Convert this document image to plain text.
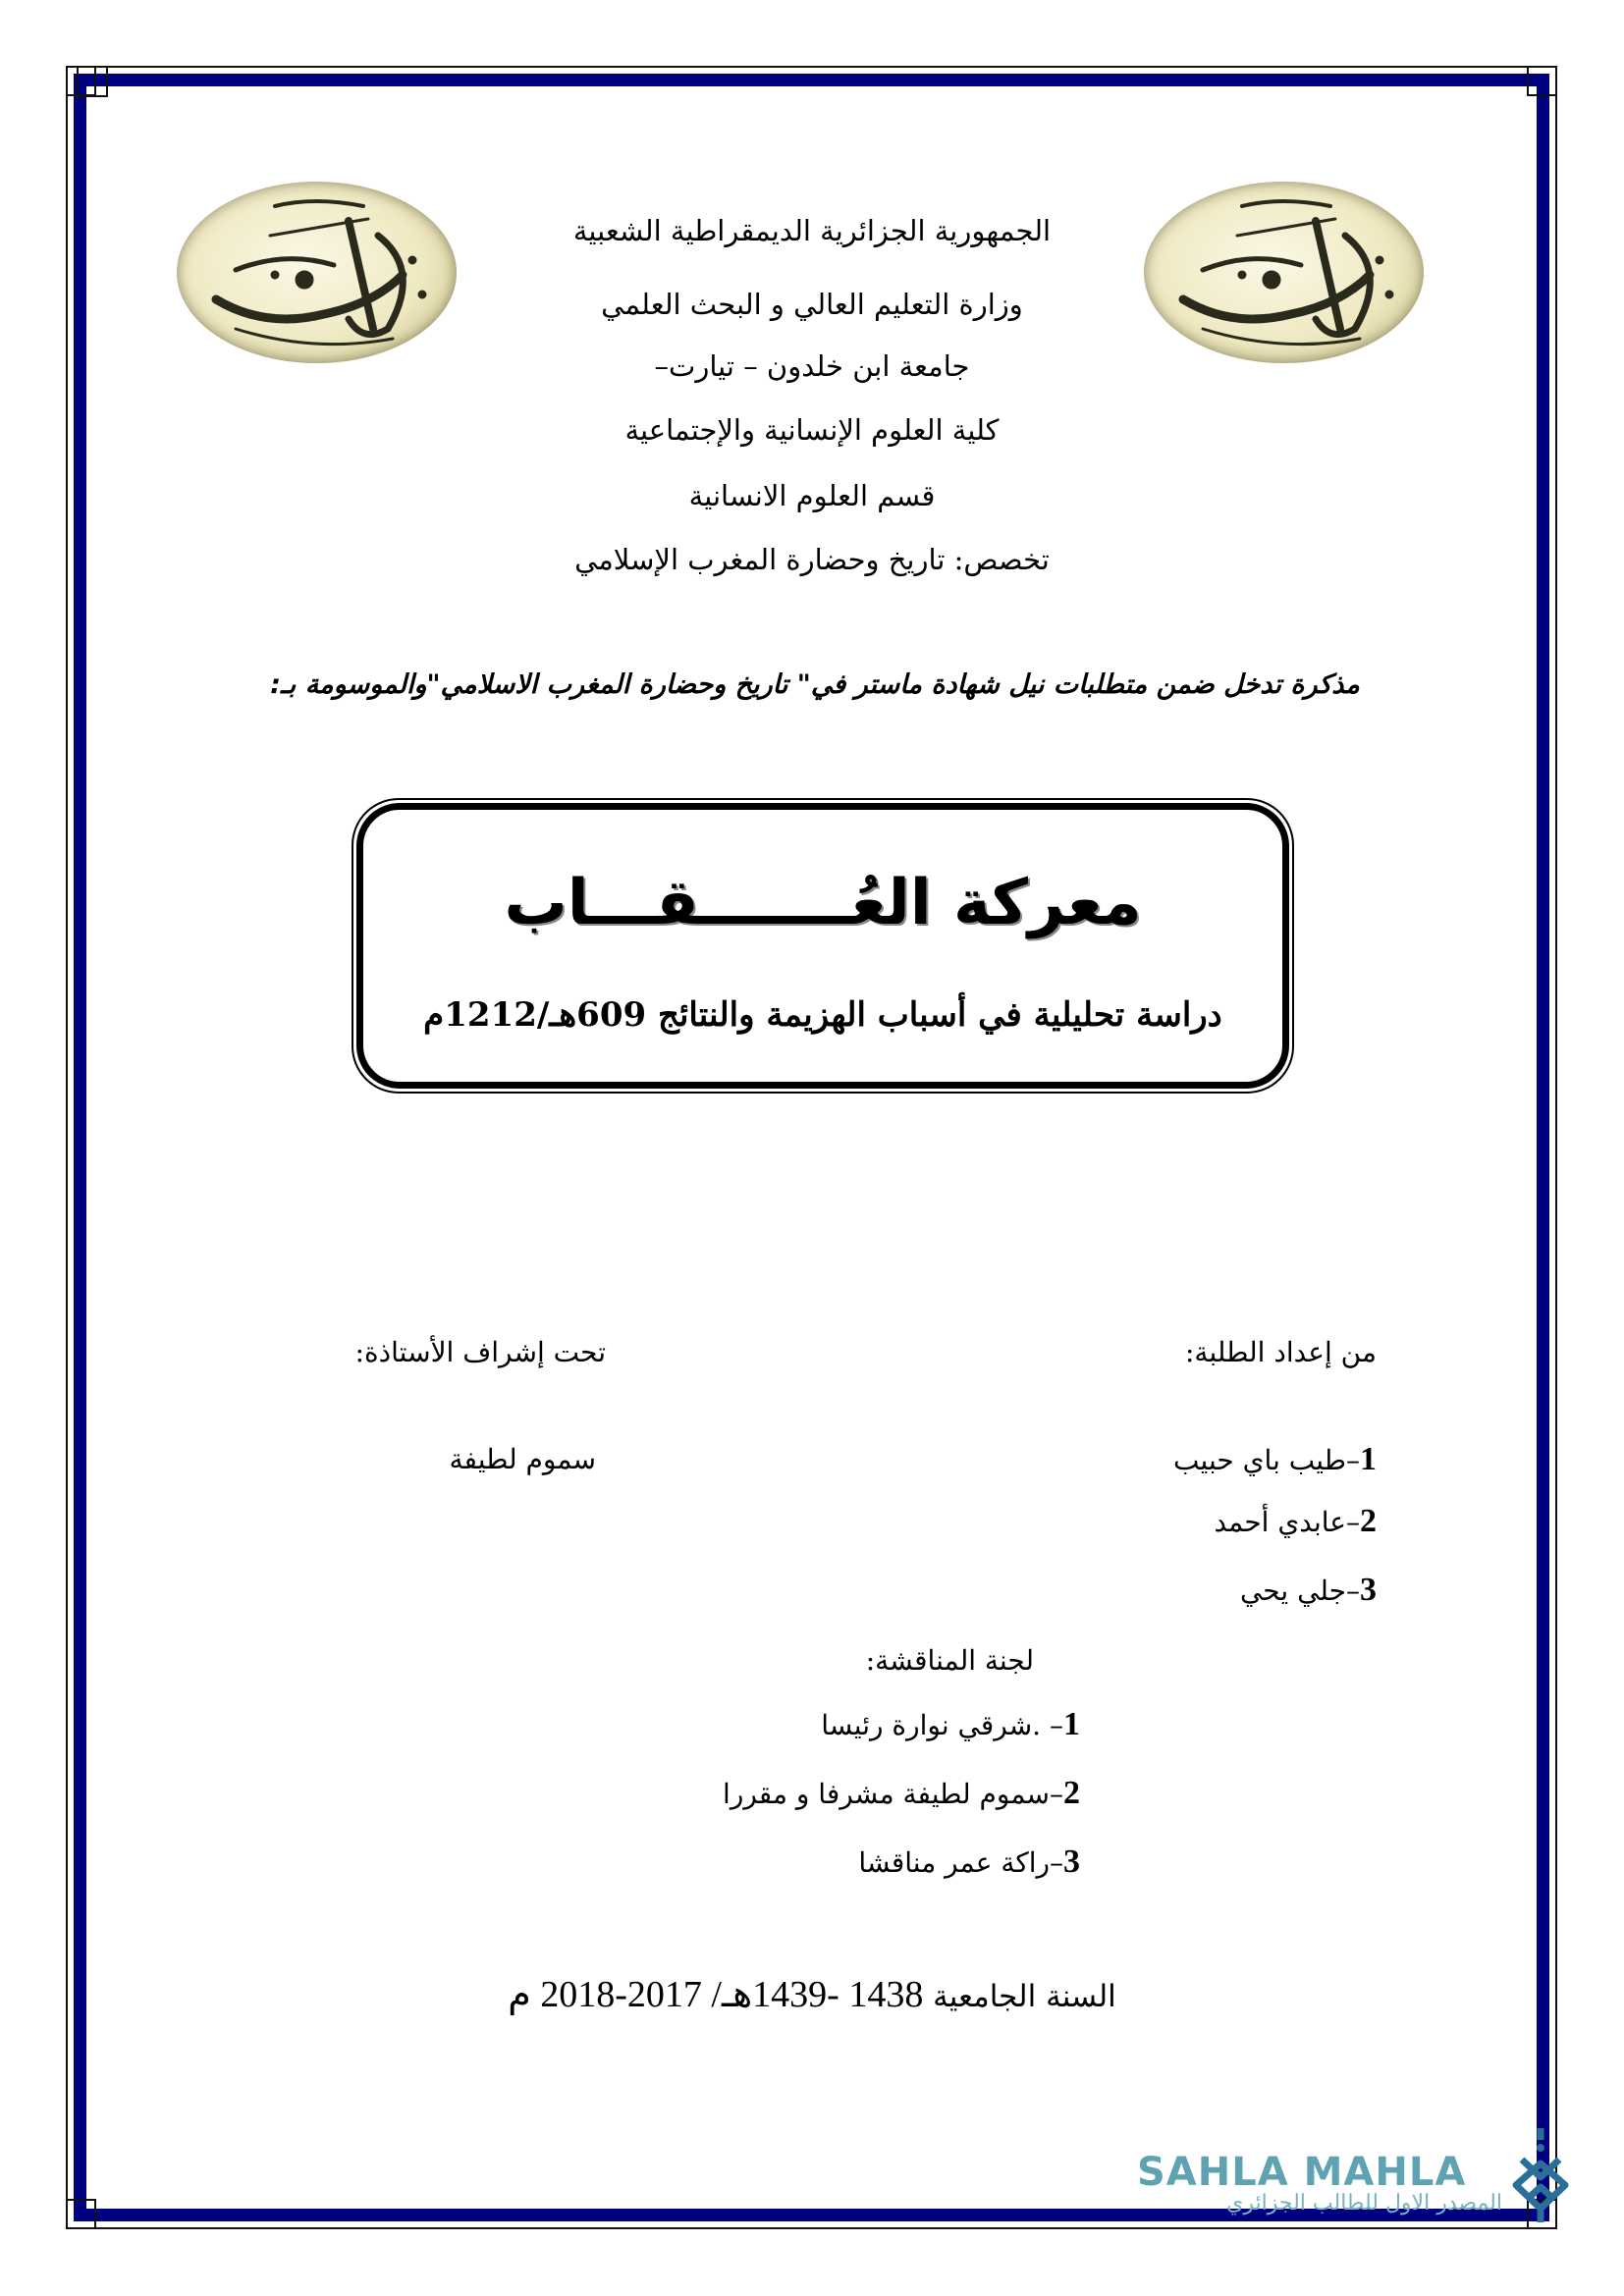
الجمهورية الجزائرية الديمقراطية الشعبية
وزارة التعليم العالي و البحث العلمي
جامعة ابن خلدون – تيارت–
كلية العلوم الإنسانية والإجتماعية
قسم العلوم الانسانية
تخصص: تاريخ وحضارة المغرب الإسلامي
مذكرة تدخل ضمن متطلبات نيل شهادة ماستر في" تاريخ وحضارة المغرب الاسلامي"والموسومة بـ:
معركة العُـــــــقـــاب
دراسة تحليلية في أسباب الهزيمة والنتائج 609هـ/1212م
من إعداد الطلبة:
1–طيب باي حبيب
2–عابدي أحمد
3–جلي يحي
تحت إشراف الأستاذة:
سموم لطيفة
لجنة المناقشة:
1– .شرقي نوارة رئيسا
2–سموم لطيفة مشرفا و مقررا
3–راكة عمر مناقشا
السنة الجامعية 1438 -1439هـ/ 2017-2018 م
SAHLA MAHLA
المصدر الاول للطالب الجزائري
